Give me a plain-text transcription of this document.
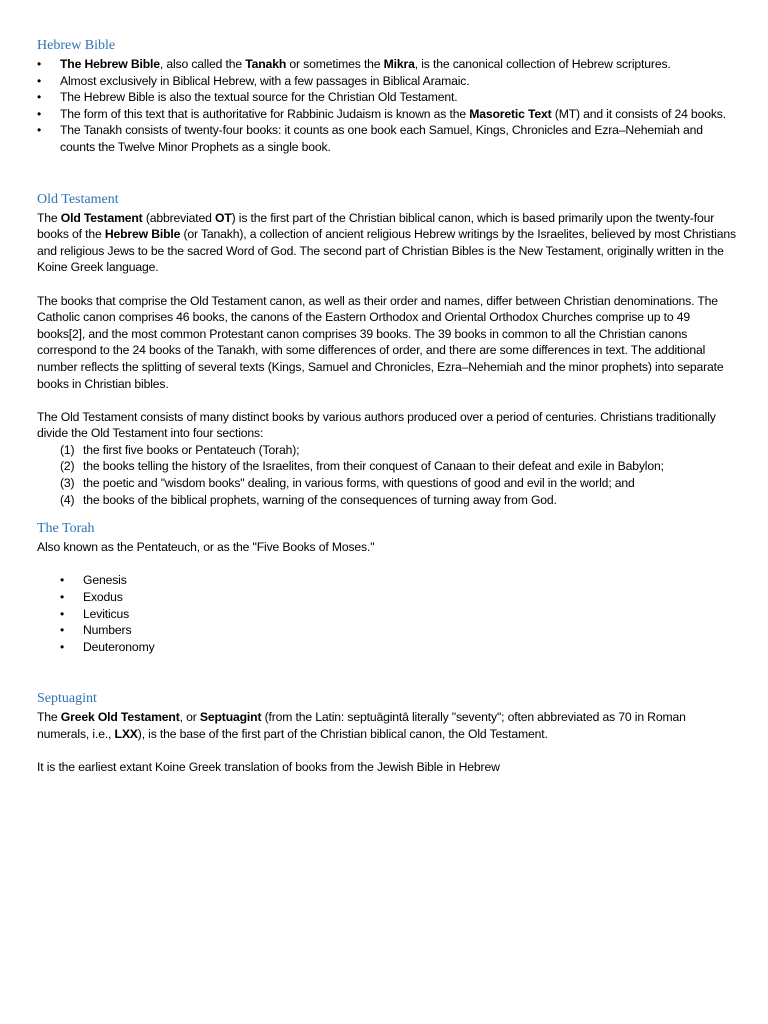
Hebrew Bible
• The Hebrew Bible, also called the Tanakh or sometimes the Mikra, is the canonical collection of Hebrew scriptures.
• Almost exclusively in Biblical Hebrew, with a few passages in Biblical Aramaic.
• The Hebrew Bible is also the textual source for the Christian Old Testament.
• The form of this text that is authoritative for Rabbinic Judaism is known as the Masoretic Text (MT) and it consists of 24 books.
• The Tanakh consists of twenty-four books: it counts as one book each Samuel, Kings, Chronicles and Ezra–Nehemiah and counts the Twelve Minor Prophets as a single book.
Old Testament

The Old Testament (abbreviated OT) is the first part of the Christian biblical canon, which is based primarily upon the twenty-four books of the Hebrew Bible (or Tanakh), a collection of ancient religious Hebrew writings by the Israelites, believed by most Christians and religious Jews to be the sacred Word of God. The second part of Christian Bibles is the New Testament, originally written in the Koine Greek language.

The books that comprise the Old Testament canon, as well as their order and names, differ between Christian denominations. The Catholic canon comprises 46 books, the canons of the Eastern Orthodox and Oriental Orthodox Churches comprise up to 49 books[2], and the most common Protestant canon comprises 39 books. The 39 books in common to all the Christian canons correspond to the 24 books of the Tanakh, with some differences of order, and there are some differences in text. The additional number reflects the splitting of several texts (Kings, Samuel and Chronicles, Ezra–Nehemiah and the minor prophets) into separate books in Christian bibles.

The Old Testament consists of many distinct books by various authors produced over a period of centuries. Christians traditionally divide the Old Testament into four sections:

(1) the first five books or Pentateuch (Torah);
(2) the books telling the history of the Israelites, from their conquest of Canaan to their defeat and exile in Babylon;
(3) the poetic and "wisdom books" dealing, in various forms, with questions of good and evil in the world; and
(4) the books of the biblical prophets, warning of the consequences of turning away from God.
The Torah

Also known as the Pentateuch, or as the "Five Books of Moses."

• Genesis
• Exodus
• Leviticus
• Numbers
• Deuteronomy
Septuagint

The Greek Old Testament, or Septuagint (from the Latin: septuāgintā literally "seventy"; often abbreviated as 70 in Roman numerals, i.e., LXX), is the base of the first part of the Christian biblical canon, the Old Testament.

It is the earliest extant Koine Greek translation of books from the Jewish Bible in Hebrew
